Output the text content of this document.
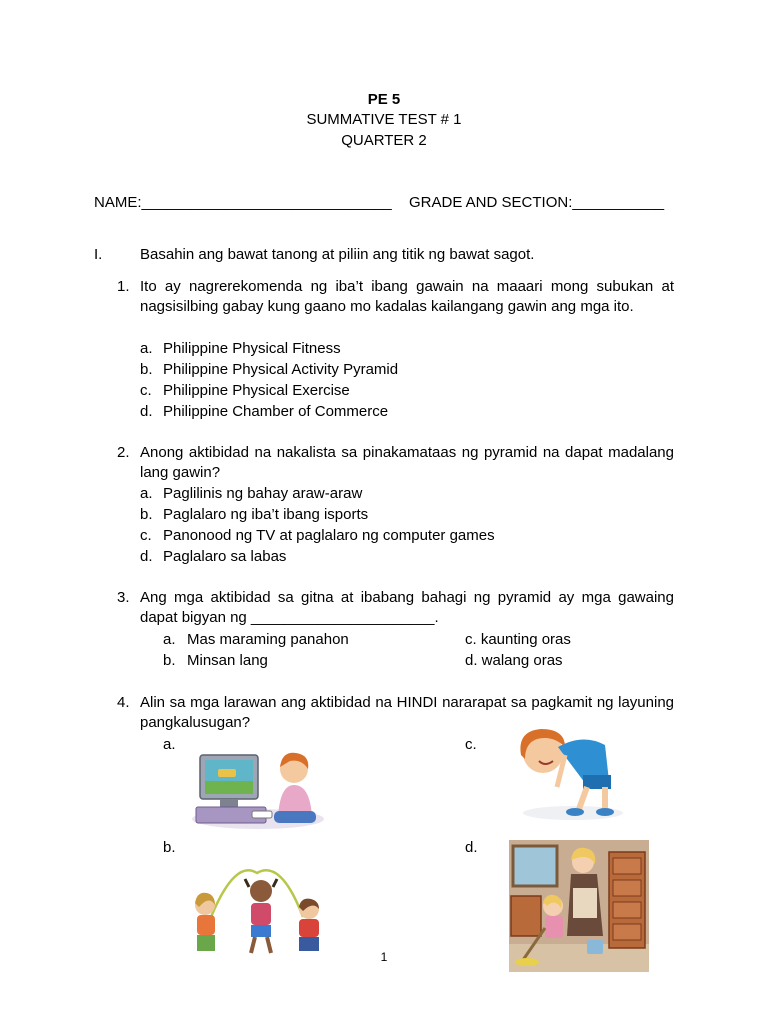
PE 5
SUMMATIVE TEST # 1
QUARTER 2
NAME:______________________________ GRADE AND SECTION:___________
I.	Basahin ang bawat tanong at piliin ang titik ng bawat sagot.
1. Ito ay nagrerekomenda ng iba’t ibang gawain na maaari mong subukan at nagsisilbing gabay kung gaano mo kadalas kailangang gawin ang mga ito.
a. Philippine Physical Fitness
b. Philippine Physical Activity Pyramid
c. Philippine Physical Exercise
d. Philippine Chamber of Commerce
2. Anong aktibidad na nakalista sa pinakamataas ng pyramid na dapat madalang lang gawin?
a. Paglilinis ng bahay araw-araw
b. Paglalaro ng iba’t ibang isports
c. Panonood ng TV at paglalaro ng computer games
d. Paglalaro sa labas
3. Ang mga aktibidad sa gitna at ibabang bahagi ng pyramid ay mga gawaing dapat bigyan ng ______________________.
a. Mas maraming panahon
b. Minsan lang
c. kaunting oras
d. walang oras
4. Alin sa mga larawan ang aktibidad na HINDI nararapat sa pagkamit ng layuning pangkalusugan?
a.	c.
b.	d.
1
